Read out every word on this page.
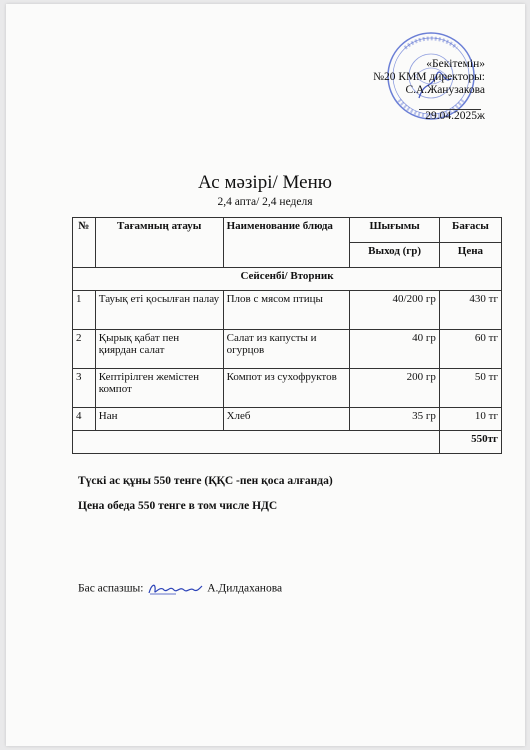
«Бекітемін»
№20 КММ директоры:
С.А.Жанузакова
29.04.2025ж
Ас мәзірі/ Меню
2,4 апта/ 2,4 неделя
№	Тағамның атауы	Наименование блюда	Шығымы	Бағасы
			Выход (гр)	Цена
Сейсенбі/ Вторник				
1	Тауық еті қосылған палау	Плов с мясом птицы	40/200 гр	430 тг
2	Қырық қабат пен қиярдан салат	Салат из капусты и огурцов	40 гр	60 тг
3	Кептірілген жемістен компот	Компот из сухофруктов	200 гр	50 тг
4	Нан	Хлеб	35 гр	10 тг
				550тг
Түскі ас құны 550 тенге (ҚҚС -пен қоса алғанда)
Цена обеда 550 тенге в том числе НДС
Бас аспазшы:	А.Дилдаханова
